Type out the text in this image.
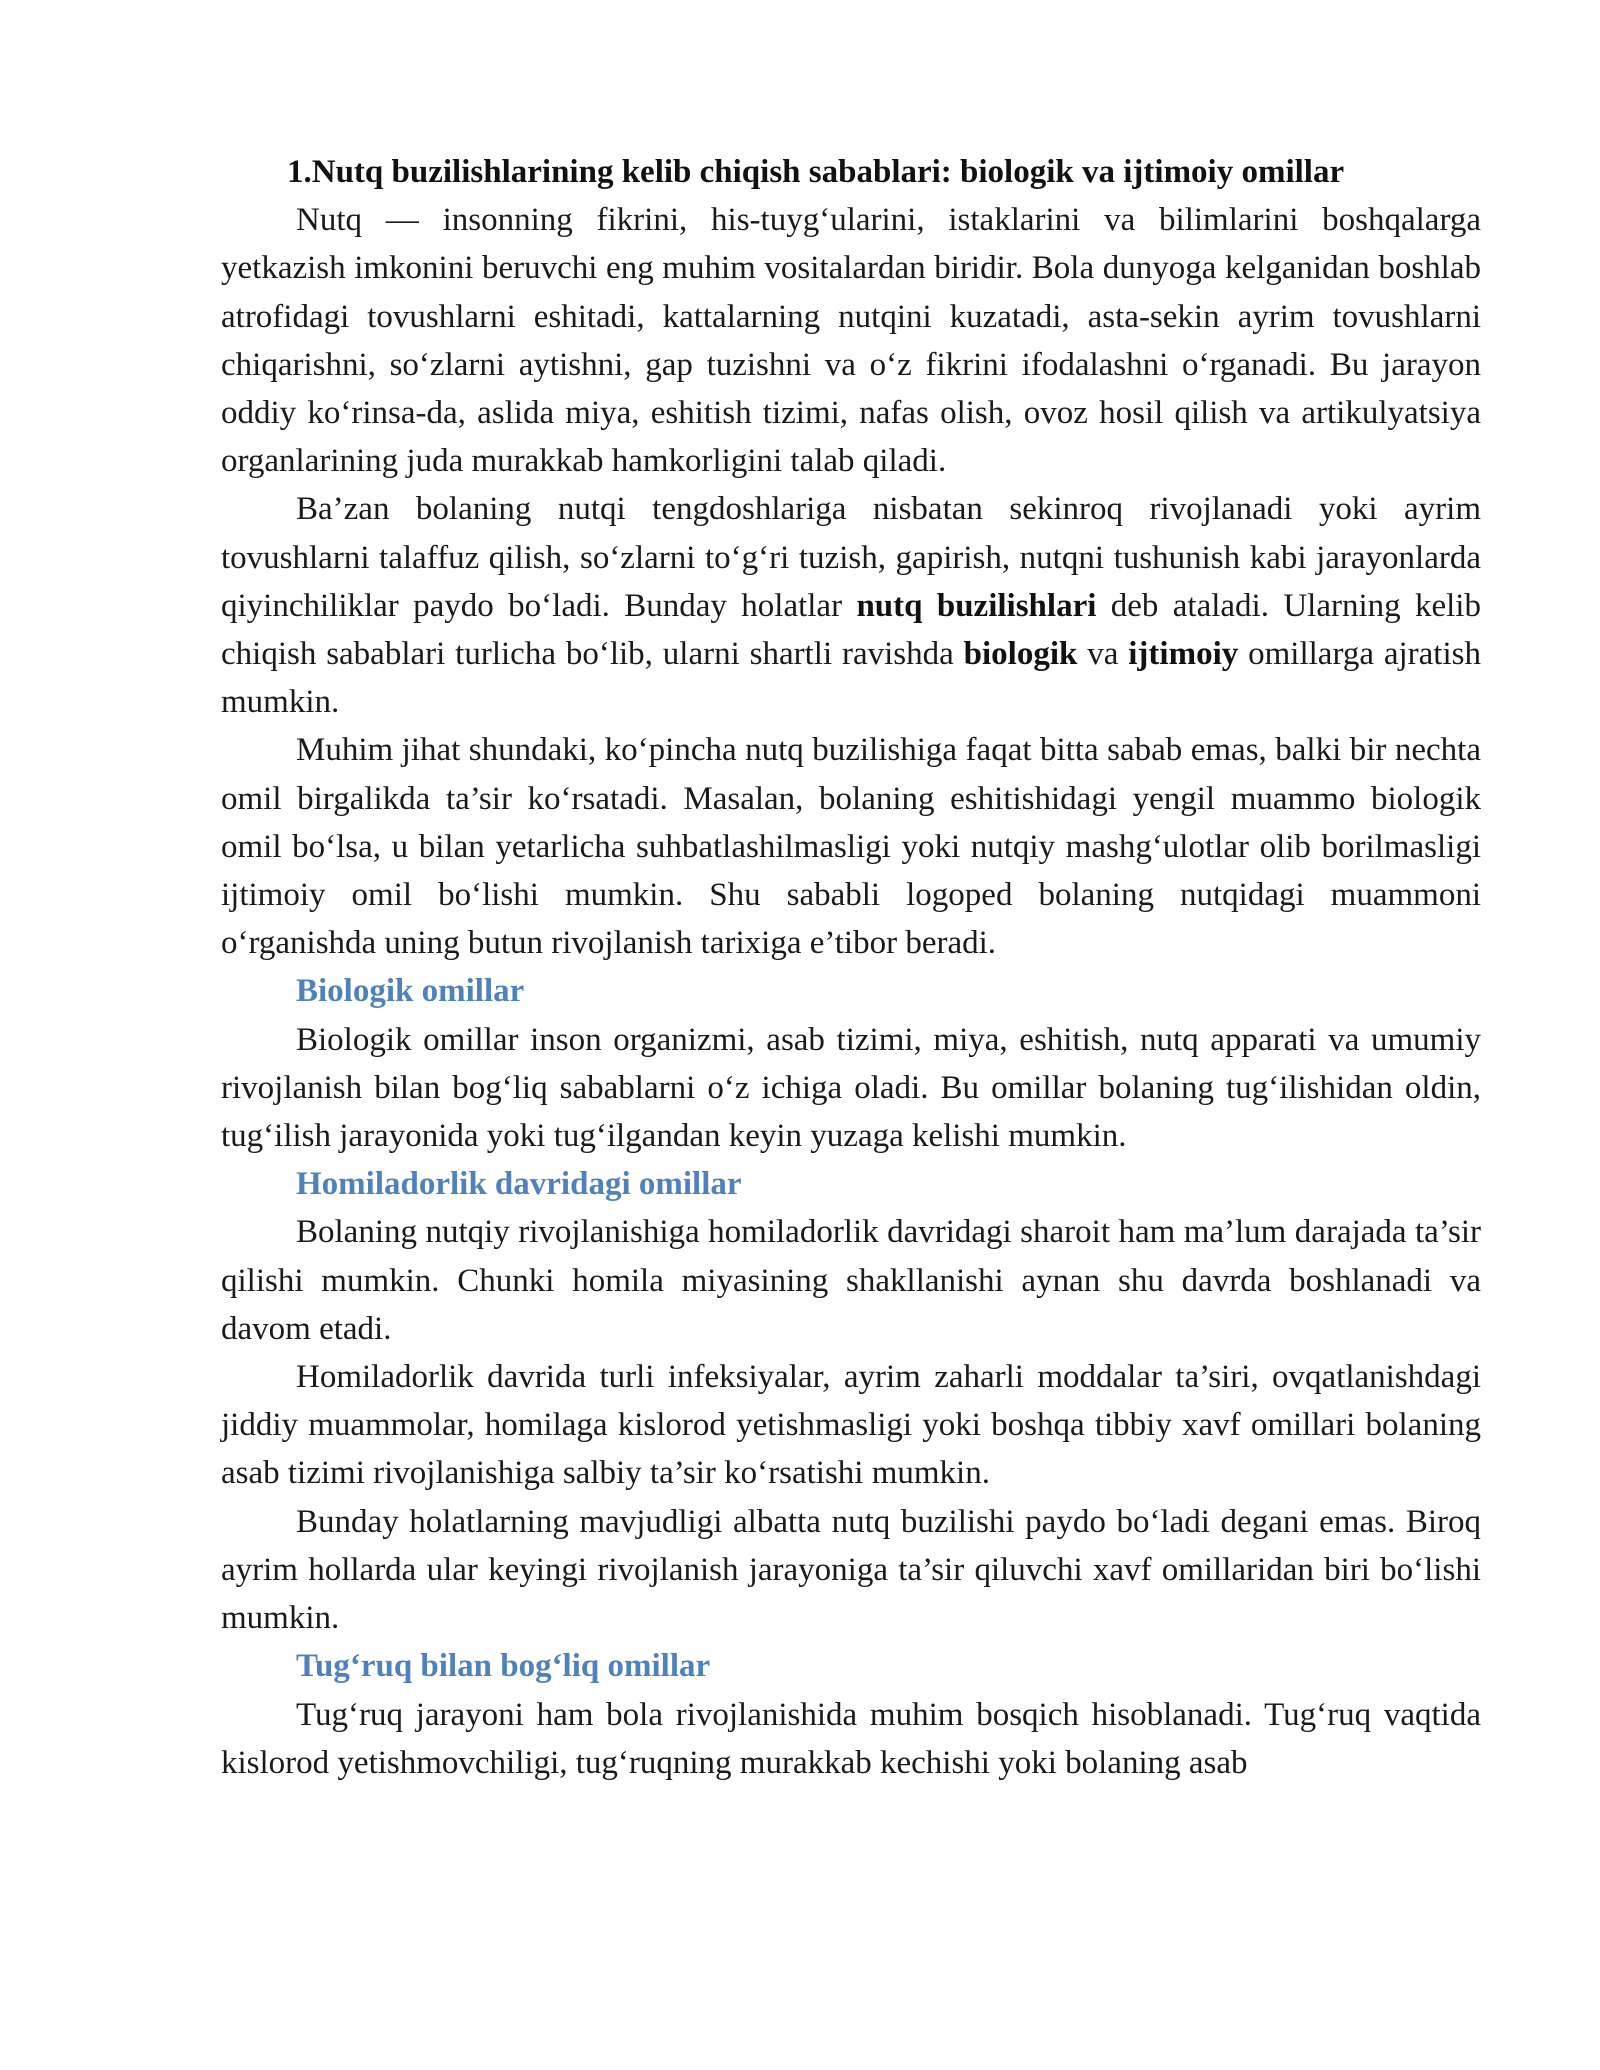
1.Nutq buzilishlarining kelib chiqish sabablari: biologik va ijtimoiy omillar

Nutq — insonning fikrini, his-tuyg‘ularini, istaklarini va bilimlarini boshqalarga yetkazish imkonini beruvchi eng muhim vositalardan biridir. Bola dunyoga kelganidan boshlab atrofidagi tovushlarni eshitadi, kattalarning nutqini kuzatadi, asta-sekin ayrim tovushlarni chiqarishni, so‘zlarni aytishni, gap tuzishni va o‘z fikrini ifodalashni o‘rganadi. Bu jarayon oddiy ko‘rinsa-da, aslida miya, eshitish tizimi, nafas olish, ovoz hosil qilish va artikulyatsiya organlarining juda murakkab hamkorligini talab qiladi.

Ba’zan bolaning nutqi tengdoshlariga nisbatan sekinroq rivojlanadi yoki ayrim tovushlarni talaffuz qilish, so‘zlarni to‘g‘ri tuzish, gapirish, nutqni tushunish kabi jarayonlarda qiyinchiliklar paydo bo‘ladi. Bunday holatlar nutq buzilishlari deb ataladi. Ularning kelib chiqish sabablari turlicha bo‘lib, ularni shartli ravishda biologik va ijtimoiy omillarga ajratish mumkin.

Muhim jihat shundaki, ko‘pincha nutq buzilishiga faqat bitta sabab emas, balki bir nechta omil birgalikda ta’sir ko‘rsatadi. Masalan, bolaning eshitishidagi yengil muammo biologik omil bo‘lsa, u bilan yetarlicha suhbatlashilmasligi yoki nutqiy mashg‘ulotlar olib borilmasligi ijtimoiy omil bo‘lishi mumkin. Shu sababli logoped bolaning nutqidagi muammoni o‘rganishda uning butun rivojlanish tarixiga e’tibor beradi.

Biologik omillar

Biologik omillar inson organizmi, asab tizimi, miya, eshitish, nutq apparati va umumiy rivojlanish bilan bog‘liq sabablarni o‘z ichiga oladi. Bu omillar bolaning tug‘ilishidan oldin, tug‘ilish jarayonida yoki tug‘ilgandan keyin yuzaga kelishi mumkin.

Homiladorlik davridagi omillar

Bolaning nutqiy rivojlanishiga homiladorlik davridagi sharoit ham ma’lum darajada ta’sir qilishi mumkin. Chunki homila miyasining shakllanishi aynan shu davrda boshlanadi va davom etadi.

Homiladorlik davrida turli infeksiyalar, ayrim zaharli moddalar ta’siri, ovqatlanishdagi jiddiy muammolar, homilaga kislorod yetishmasligi yoki boshqa tibbiy xavf omillari bolaning asab tizimi rivojlanishiga salbiy ta’sir ko‘rsatishi mumkin.

Bunday holatlarning mavjudligi albatta nutq buzilishi paydo bo‘ladi degani emas. Biroq ayrim hollarda ular keyingi rivojlanish jarayoniga ta’sir qiluvchi xavf omillaridan biri bo‘lishi mumkin.

Tug‘ruq bilan bog‘liq omillar

Tug‘ruq jarayoni ham bola rivojlanishida muhim bosqich hisoblanadi. Tug‘ruq vaqtida kislorod yetishmovchiligi, tug‘ruqning murakkab kechishi yoki bolaning asab
